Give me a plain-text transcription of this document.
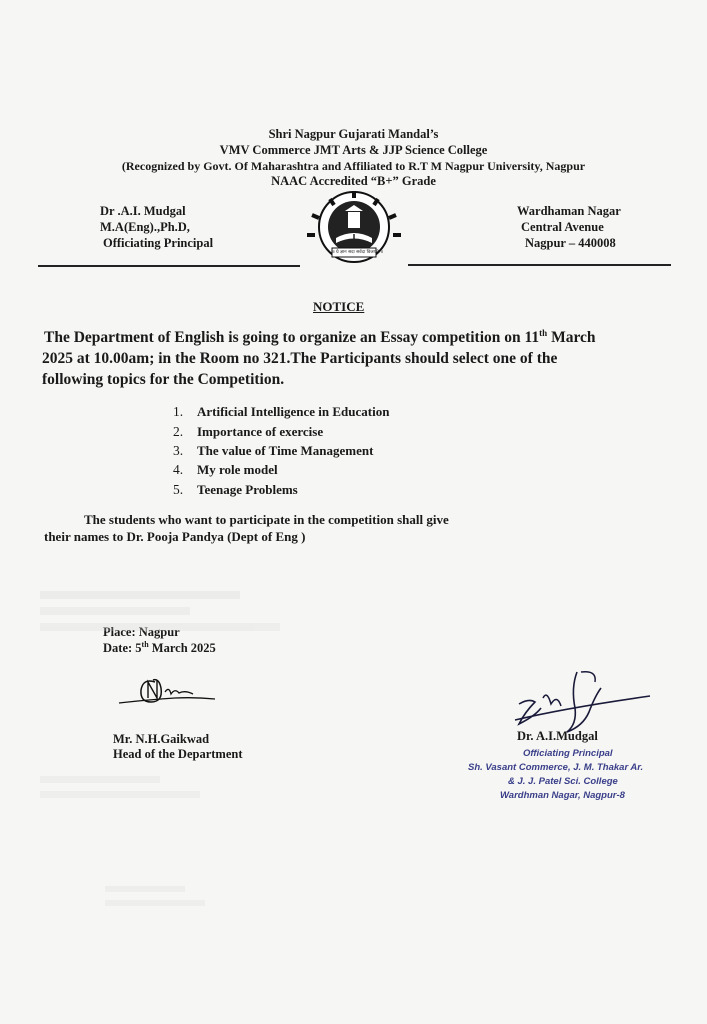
Shri Nagpur Gujarati Mandal’s
VMV Commerce JMT Arts & JJP Science College
(Recognized by Govt. Of Maharashtra and Affiliated to R.T M Nagpur University, Nagpur
NAAC Accredited “B+” Grade
Dr .A.I. Mudgal
M.A(Eng).,Ph.D,
Officiating Principal
Wardhaman Nagar
Central Avenue
Nagpur – 440008
॥ ग्रे ज्ञान सदा सर्वदा विजयते ॥
NOTICE
The Department of English is going to organize an Essay competition on 11th March
2025 at 10.00am; in the Room no 321.The Participants should select one of the
following topics for the Competition.
1. Artificial Intelligence in Education
2. Importance of exercise
3. The value of Time Management
4. My role model
5. Teenage Problems
The students who want to participate in the competition shall give
their names to Dr. Pooja Pandya (Dept of Eng )
Place: Nagpur
Date: 5th March 2025
Mr. N.H.Gaikwad
Head of the Department
Dr. A.I.Mudgal
Officiating Principal
Sh. Vasant Commerce, J. M. Thakar Ar.
& J. J. Patel Sci. College
Wardhman Nagar, Nagpur-8
